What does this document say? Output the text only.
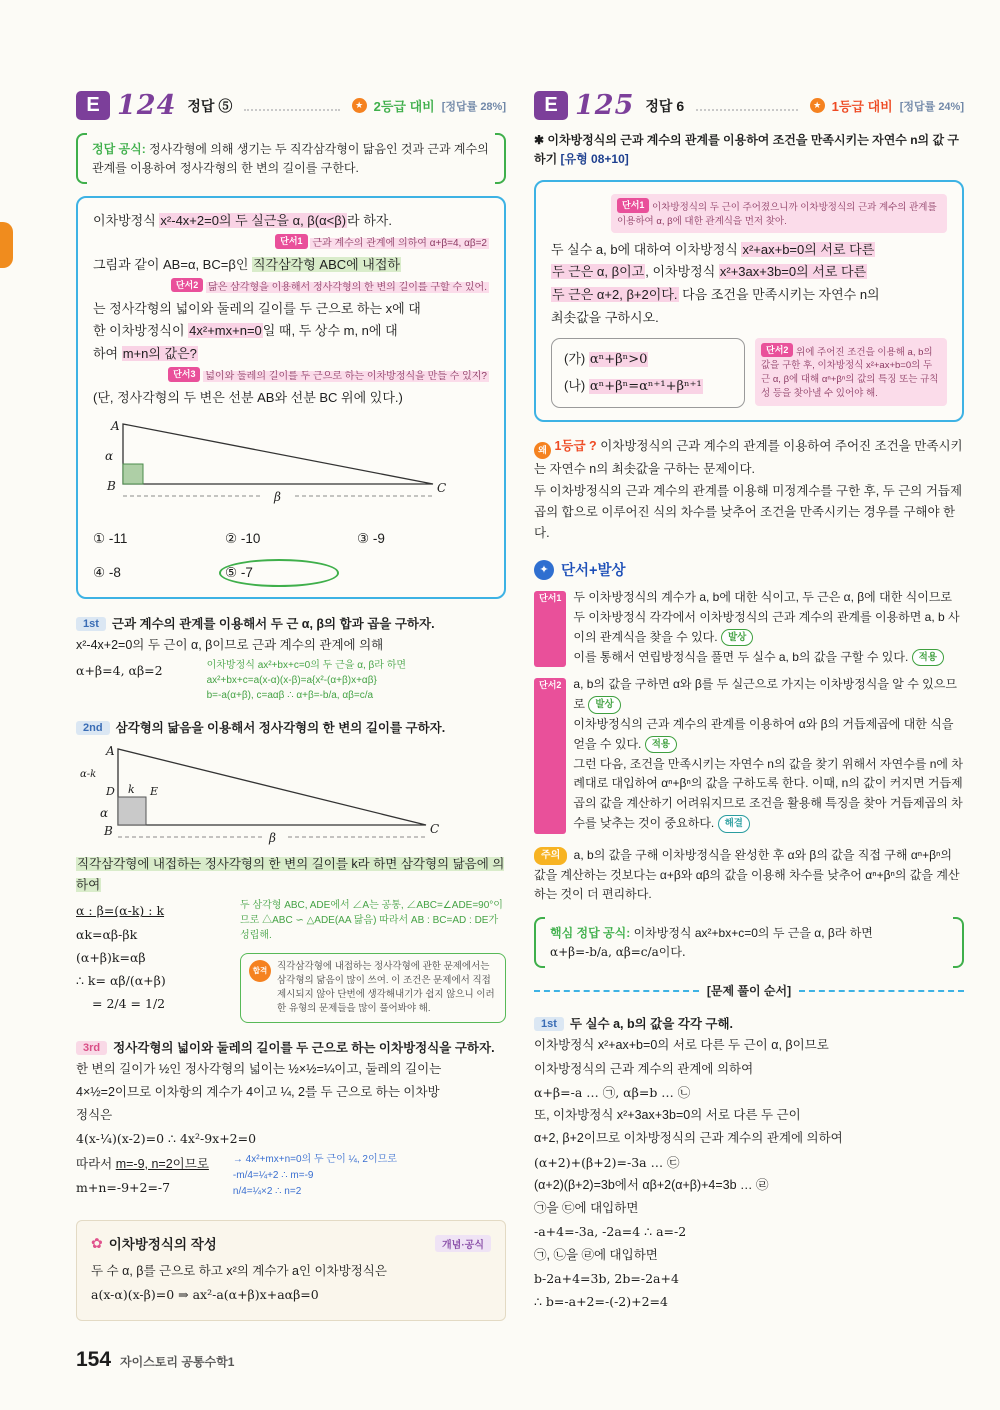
E 124 정답 ⑤	★ 2등급 대비 [정답률 28%]
정답 공식: 정사각형에 의해 생기는 두 직각삼각형이 닮음인 것과 근과 계수의 관계를 이용하여 정사각형의 한 변의 길이를 구한다.

이차방정식 x²-4x+2=0의 두 실근을 α, β(α<β)라 하자.

단서1 근과 계수의 관계에 의하여 α+β=4, αβ=2

그림과 같이 AB=α, BC=β인 직각삼각형 ABC에 내접하

단서2 닮은 삼각형을 이용해서 정사각형의 한 변의 길이를 구할 수 있어.

는 정사각형의 넓이와 둘레의 길이를 두 근으로 하는 x에 대

한 이차방정식이 4x²+mx+n=0일 때, 두 상수 m, n에 대

하여 m+n의 값은?

단서3 넓이와 둘레의 길이를 두 근으로 하는 이차방정식을 만들 수 있지?

(단, 정사각형의 두 변은 선분 AB와 선분 BC 위에 있다.)

A
B	C
α
β
① -11	② -10	③ -9
④ -8	⑤ -7
1st 근과 계수의 관계를 이용해서 두 근 α, β의 합과 곱을 구하자.
x²-4x+2=0의 두 근이 α, β이므로 근과 계수의 관계에 의해
α+β=4, αβ=2	이차방정식 ax²+bx+c=0의 두 근을 α, β라 하면
ax²+bx+c=a(x-α)(x-β)=a{x²-(α+β)x+αβ}
b=-a(α+β), c=aαβ ∴ α+β=-b/a, αβ=c/a
2nd 삼각형의 닮음을 이용해서 정사각형의 한 변의 길이를 구하자.
A
B	C
D	E
k
α-k
α
β
직각삼각형에 내접하는 정사각형의 한 변의 길이를 k라 하면 삼각형의 닮음에 의하여
α : β=(α-k) : k
αk=αβ-βk
(α+β)k=αβ
∴ k= αβ/(α+β)
= 2/4 = 1/2
두 삼각형 ABC, ADE에서 ∠A는 공통, ∠ABC=∠ADE=90°이므로 △ABC ∽ △ADE(AA 닮음) 따라서 AB : BC=AD : DE가 성립해.
합격	직각삼각형에 내접하는 정사각형에 관한 문제에서는 삼각형의 닮음이 많이 쓰여. 이 조건은 문제에서 직접 제시되지 않아 단번에 생각해내기가 쉽지 않으니 이러한 유형의 문제들을 많이 풀어봐야 해.
3rd 정사각형의 넓이와 둘레의 길이를 두 근으로 하는 이차방정식을 구하자.
한 변의 길이가 ½인 정사각형의 넓이는 ½×½=¼이고, 둘레의 길이는
4×½=2이므로 이차항의 계수가 4이고 ¼, 2를 두 근으로 하는 이차방
정식은
4(x-¼)(x-2)=0 ∴ 4x²-9x+2=0
따라서 m=-9, n=2이므로
m+n=-9+2=-7
→ 4x²+mx+n=0의 두 근이 ¼, 2이므로
-m/4=¼+2 ∴ m=-9
n/4=¼×2 ∴ n=2
✿ 이차방정식의 작성	개념·공식
두 수 α, β를 근으로 하고 x²의 계수가 a인 이차방정식은
a(x-α)(x-β)=0 ⇒ ax²-a(α+β)x+aαβ=0
E 125 정답 6	★ 1등급 대비 [정답률 24%]
✱ 이차방정식의 근과 계수의 관계를 이용하여 조건을 만족시키는 자연수 n의 값 구하기 [유형 08+10]
단서1 이차방정식의 두 근이 주어졌으니까 이차방정식의 근과 계수의 관계를 이용하여 α, β에 대한 관계식을 먼저 찾아.

두 실수 a, b에 대하여 이차방정식 x²+ax+b=0의 서로 다른

두 근은 α, β이고, 이차방정식 x²+3ax+3b=0의 서로 다른

두 근은 α+2, β+2이다. 다음 조건을 만족시키는 자연수 n의

최솟값을 구하시오.

(가) αⁿ+βⁿ>0
(나) αⁿ+βⁿ=αⁿ⁺¹+βⁿ⁺¹
단서2 위에 주어진 조건을 이용해 a, b의 값을 구한 후, 이차방정식 x²+ax+b=0의 두 근 α, β에 대해 αⁿ+βⁿ의 값의 특징 또는 규칙성 등을 찾아낼 수 있어야 해.

왜 1등급 ? 이차방정식의 근과 계수의 관계를 이용하여 주어진 조건을 만족시키는 자연수 n의 최솟값을 구하는 문제이다.

두 이차방정식의 근과 계수의 관계를 이용해 미정계수를 구한 후, 두 근의 거듭제곱의 합으로 이루어진 식의 차수를 낮추어 조건을 만족시키는 경우를 구해야 한다.

✦ 단서+발상
단서1	두 이차방정식의 계수가 a, b에 대한 식이고, 두 근은 α, β에 대한 식이므로 두 이차방정식 각각에서 이차방정식의 근과 계수의 관계를 이용하면 a, b 사이의 관계식을 찾을 수 있다. 발상
이를 통해서 연립방정식을 풀면 두 실수 a, b의 값을 구할 수 있다. 적용
단서2	a, b의 값을 구하면 α와 β를 두 실근으로 가지는 이차방정식을 알 수 있으므로 발상
이차방정식의 근과 계수의 관계를 이용하여 α와 β의 거듭제곱에 대한 식을 얻을 수 있다. 적용
그런 다음, 조건을 만족시키는 자연수 n의 값을 찾기 위해서 자연수를 n에 차례대로 대입하여 αⁿ+βⁿ의 값을 구하도록 한다. 이때, n의 값이 커지면 거듭제곱의 값을 계산하기 어려워지므로 조건을 활용해 특징을 찾아 거듭제곱의 차수를 낮추는 것이 중요하다. 해결
주의 a, b의 값을 구해 이차방정식을 완성한 후 α와 β의 값을 직접 구해 αⁿ+βⁿ의 값을 계산하는 것보다는 α+β와 αβ의 값을 이용해 차수를 낮추어 αⁿ+βⁿ의 값을 계산하는 것이 더 편리하다.
핵심 정답 공식: 이차방정식 ax²+bx+c=0의 두 근을 α, β라 하면
α+β=-b/a, αβ=c/a이다.
[문제 풀이 순서]
1st 두 실수 a, b의 값을 각각 구해.
이차방정식 x²+ax+b=0의 서로 다른 두 근이 α, β이므로
이차방정식의 근과 계수의 관계에 의하여
α+β=-a … ㉠, αβ=b … ㉡
또, 이차방정식 x²+3ax+3b=0의 서로 다른 두 근이
α+2, β+2이므로 이차방정식의 근과 계수의 관계에 의하여
(α+2)+(β+2)=-3a … ㉢
(α+2)(β+2)=3b에서 αβ+2(α+β)+4=3b … ㉣
㉠을 ㉢에 대입하면
-a+4=-3a, -2a=4 ∴ a=-2
㉠, ㉡을 ㉣에 대입하면
b-2a+4=3b, 2b=-2a+4
∴ b=-a+2=-(-2)+2=4
154 자이스토리 공통수학1
